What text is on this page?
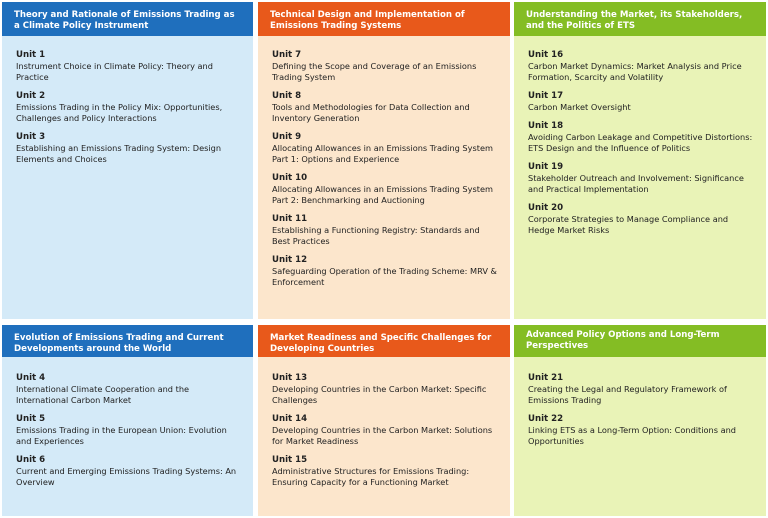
Theory and Rationale of Emissions Trading as a Climate Policy Instrument
Unit 1
Instrument Choice in Climate Policy: Theory and Practice
Unit 2
Emissions Trading in the Policy Mix: Opportunities, Challenges and Policy Interactions
Unit 3
Establishing an Emissions Trading System: Design Elements and Choices
Technical Design and Implementation of Emissions Trading Systems
Unit 7
Defining the Scope and Coverage of an Emissions Trading System
Unit 8
Tools and Methodologies for Data Collection and Inventory Generation
Unit 9
Allocating Allowances in an Emissions Trading System Part 1: Options and Experience
Unit 10
Allocating Allowances in an Emissions Trading System Part 2: Benchmarking and Auctioning
Unit 11
Establishing a Functioning Registry: Standards and Best Practices
Unit 12
Safeguarding Operation of the Trading Scheme: MRV & Enforcement
Understanding the Market, its Stakeholders, and the Politics of ETS
Unit 16
Carbon Market Dynamics: Market Analysis and Price Formation, Scarcity and Volatility
Unit 17
Carbon Market Oversight
Unit 18
Avoiding Carbon Leakage and Competitive Distortions: ETS Design and the Influence of Politics
Unit 19
Stakeholder Outreach and Involvement: Significance and Practical Implementation
Unit 20
Corporate Strategies to Manage Compliance and Hedge Market Risks
Evolution of Emissions Trading and Current Developments around the World
Unit 4
International Climate Cooperation and the International Carbon Market
Unit 5
Emissions Trading in the European Union: Evolution and Experiences
Unit 6
Current and Emerging Emissions Trading Systems: An Overview
Market Readiness and Specific Challenges for Developing Countries
Unit 13
Developing Countries in the Carbon Market: Specific Challenges
Unit 14
Developing Countries in the Carbon Market: Solutions for Market Readiness
Unit 15
Administrative Structures for Emissions Trading: Ensuring Capacity for a Functioning Market
Advanced Policy Options and Long-Term Perspectives
Unit 21
Creating the Legal and Regulatory Framework of Emissions Trading
Unit 22
Linking ETS as a Long-Term Option: Conditions and Opportunities
